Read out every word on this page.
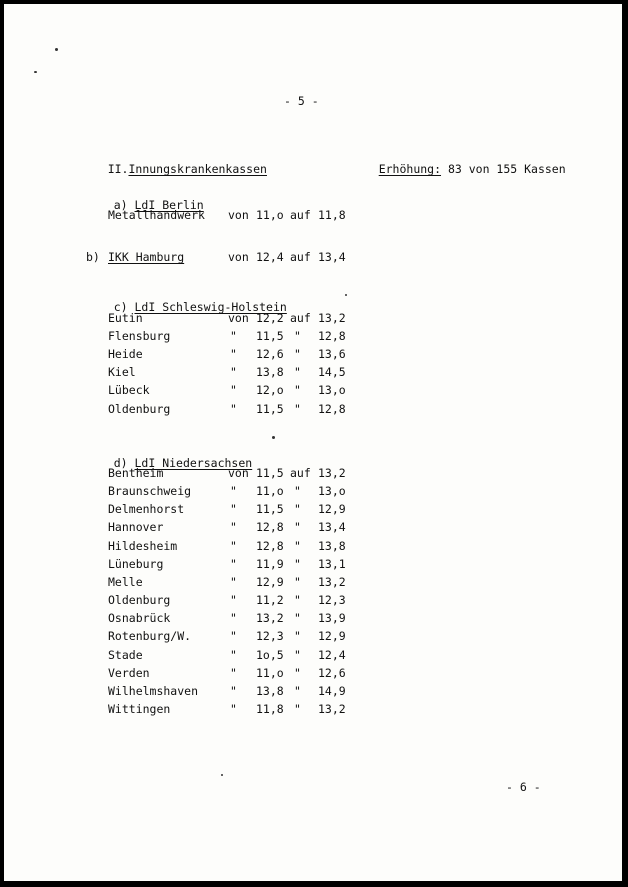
- 5 -

II.Innungskrankenkassen
	Erhöhung: 83 von 155 Kassen

a) LdI Berlin

Metallhandwerk von 11,o auf 11,8
b) IKK Hamburg	von 12,4 auf 13,4

c) LdI Schleswig-Holstein

Eutin	von 12,2 auf 13,2
Flensburg	" 11,5 " 12,8
Heide	" 12,6 " 13,6
Kiel	" 13,8 " 14,5
Lübeck	" 12,o " 13,o
Oldenburg	" 11,5 " 12,8

d) LdI Niedersachsen

Bentheim	von 11,5 auf 13,2
Braunschweig	" 11,o " 13,o
Delmenhorst	" 11,5 " 12,9
Hannover	" 12,8 " 13,4
Hildesheim	" 12,8 " 13,8
Lüneburg	" 11,9 " 13,1
Melle	" 12,9 " 13,2
Oldenburg	" 11,2 " 12,3
Osnabrück	" 13,2 " 13,9
Rotenburg/W.	" 12,3 " 12,9
Stade	" 1o,5 " 12,4
Verden	" 11,o " 12,6
Wilhelmshaven	" 13,8 " 14,9
Wittingen	" 11,8 " 13,2
- 6 -
